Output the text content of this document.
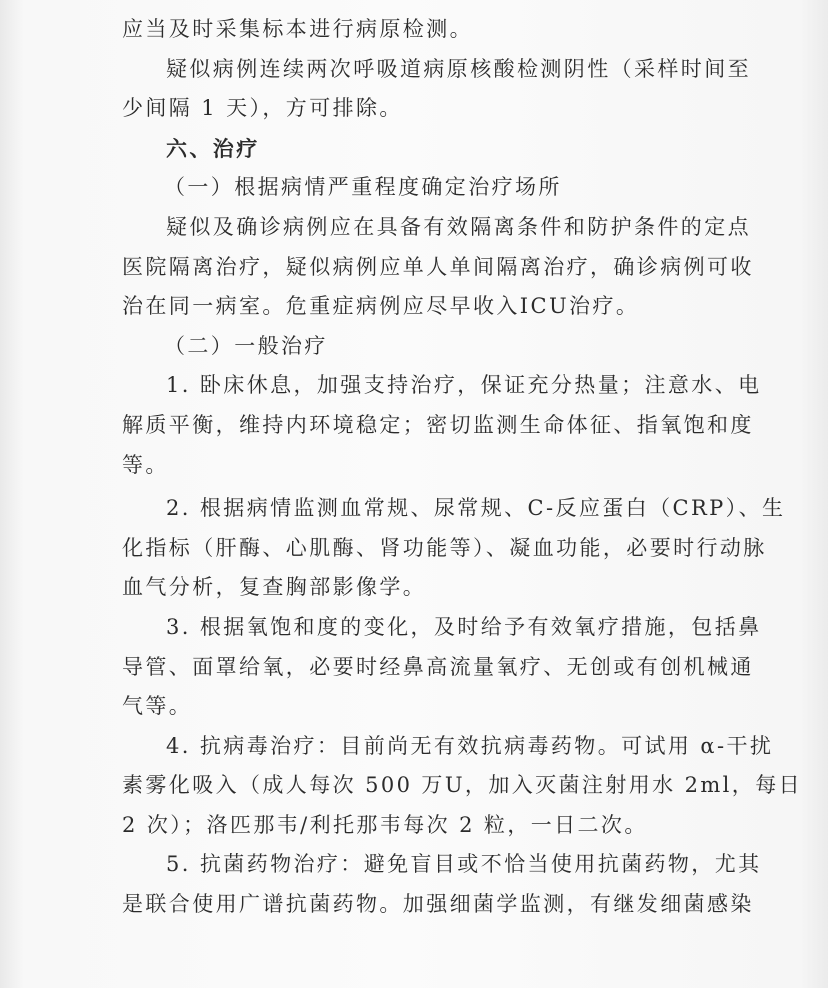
应当及时采集标本进行病原检测。
疑似病例连续两次呼吸道病原核酸检测阴性（采样时间至
少间隔 1 天），方可排除。
六、治疗
（一）根据病情严重程度确定治疗场所
疑似及确诊病例应在具备有效隔离条件和防护条件的定点
医院隔离治疗，疑似病例应单人单间隔离治疗，确诊病例可收
治在同一病室。危重症病例应尽早收入ICU治疗。
（二）一般治疗
1. 卧床休息，加强支持治疗，保证充分热量；注意水、电
解质平衡，维持内环境稳定；密切监测生命体征、指氧饱和度
等。
2. 根据病情监测血常规、尿常规、C-反应蛋白（CRP）、生
化指标（肝酶、心肌酶、肾功能等）、凝血功能，必要时行动脉
血气分析，复查胸部影像学。
3. 根据氧饱和度的变化，及时给予有效氧疗措施，包括鼻
导管、面罩给氧，必要时经鼻高流量氧疗、无创或有创机械通
气等。
4. 抗病毒治疗：目前尚无有效抗病毒药物。可试用 α-干扰
素雾化吸入（成人每次 500 万U，加入灭菌注射用水 2ml，每日
2 次）；洛匹那韦/利托那韦每次 2 粒，一日二次。
5. 抗菌药物治疗：避免盲目或不恰当使用抗菌药物，尤其
是联合使用广谱抗菌药物。加强细菌学监测，有继发细菌感染
